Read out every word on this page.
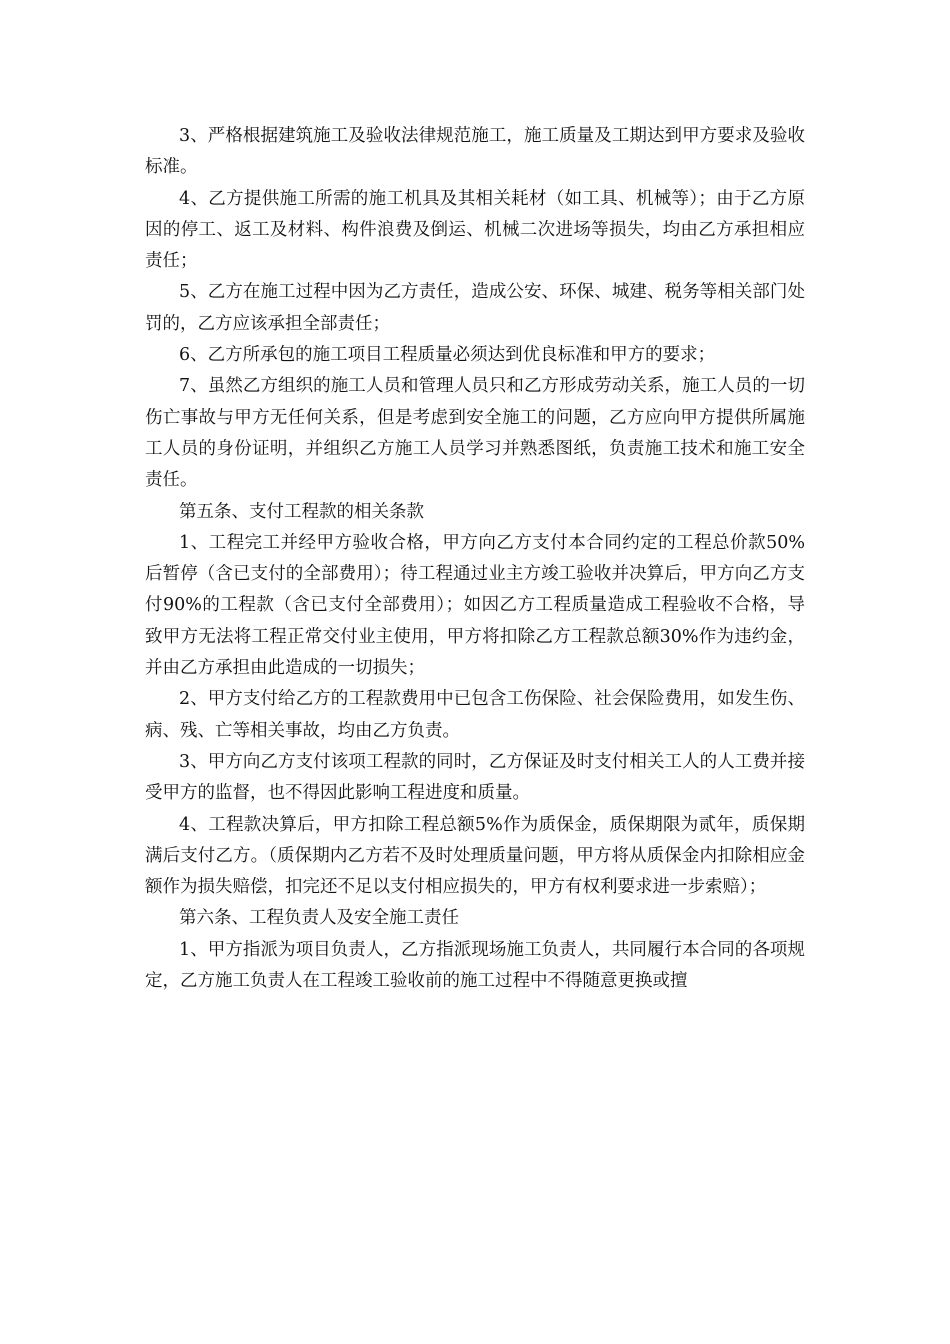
3、严格根据建筑施工及验收法律规范施工，施工质量及工期达到甲方要求及验收标准。

4、乙方提供施工所需的施工机具及其相关耗材（如工具、机械等）；由于乙方原因的停工、返工及材料、构件浪费及倒运、机械二次进场等损失，均由乙方承担相应责任；

5、乙方在施工过程中因为乙方责任，造成公安、环保、城建、税务等相关部门处罚的，乙方应该承担全部责任；

6、乙方所承包的施工项目工程质量必须达到优良标准和甲方的要求；

7、虽然乙方组织的施工人员和管理人员只和乙方形成劳动关系，施工人员的一切伤亡事故与甲方无任何关系，但是考虑到安全施工的问题，乙方应向甲方提供所属施工人员的身份证明，并组织乙方施工人员学习并熟悉图纸，负责施工技术和施工安全责任。

第五条、支付工程款的相关条款

1、工程完工并经甲方验收合格，甲方向乙方支付本合同约定的工程总价款50%后暂停（含已支付的全部费用）；待工程通过业主方竣工验收并决算后，甲方向乙方支付90%的工程款（含已支付全部费用）；如因乙方工程质量造成工程验收不合格，导致甲方无法将工程正常交付业主使用，甲方将扣除乙方工程款总额30%作为违约金，并由乙方承担由此造成的一切损失；

2、甲方支付给乙方的工程款费用中已包含工伤保险、社会保险费用，如发生伤、病、残、亡等相关事故，均由乙方负责。

3、甲方向乙方支付该项工程款的同时，乙方保证及时支付相关工人的人工费并接受甲方的监督，也不得因此影响工程进度和质量。

4、工程款决算后，甲方扣除工程总额5%作为质保金，质保期限为贰年，质保期满后支付乙方。（质保期内乙方若不及时处理质量问题，甲方将从质保金内扣除相应金额作为损失赔偿，扣完还不足以支付相应损失的，甲方有权利要求进一步索赔）；

第六条、工程负责人及安全施工责任

1、甲方指派为项目负责人，乙方指派现场施工负责人，共同履行本合同的各项规定，乙方施工负责人在工程竣工验收前的施工过程中不得随意更换或擅
